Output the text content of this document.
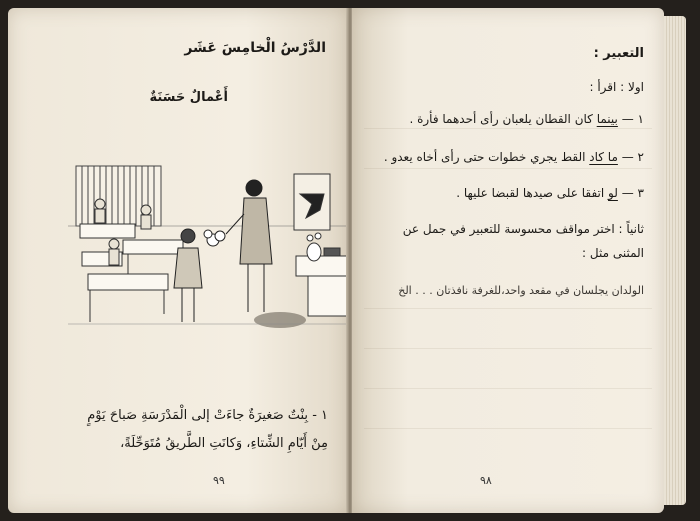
الدَّرْسُ الْخامِسَ عَشَر
أَعْمالٌ حَسَنَةٌ
١ - بِنْتٌ صَغيرَةٌ جاءَتْ إلى الْمَدْرَسَةِ صَباحَ يَوْمٍ
مِنْ أَيّامِ الشِّتاءِ، وَكانَتِ الطَّريقُ مُتَوَحِّلَةً،
٩٩
التعبير :
اولا : اقرأ :
١ — بينما كان القطان يلعبان رأى أحدهما فأرة .
٢ — ما كاد القط يجري خطوات حتى رأى أخاه يعدو .
٣ — لو اتفقا على صيدها لقبضا عليها .
ثانياً : اختر مواقف محسوسة للتعبير في جمل عن
المثنى مثل :
الولدان يجلسان في مقعد واحد،للغرفة نافذتان . . . الخ
٩٨
